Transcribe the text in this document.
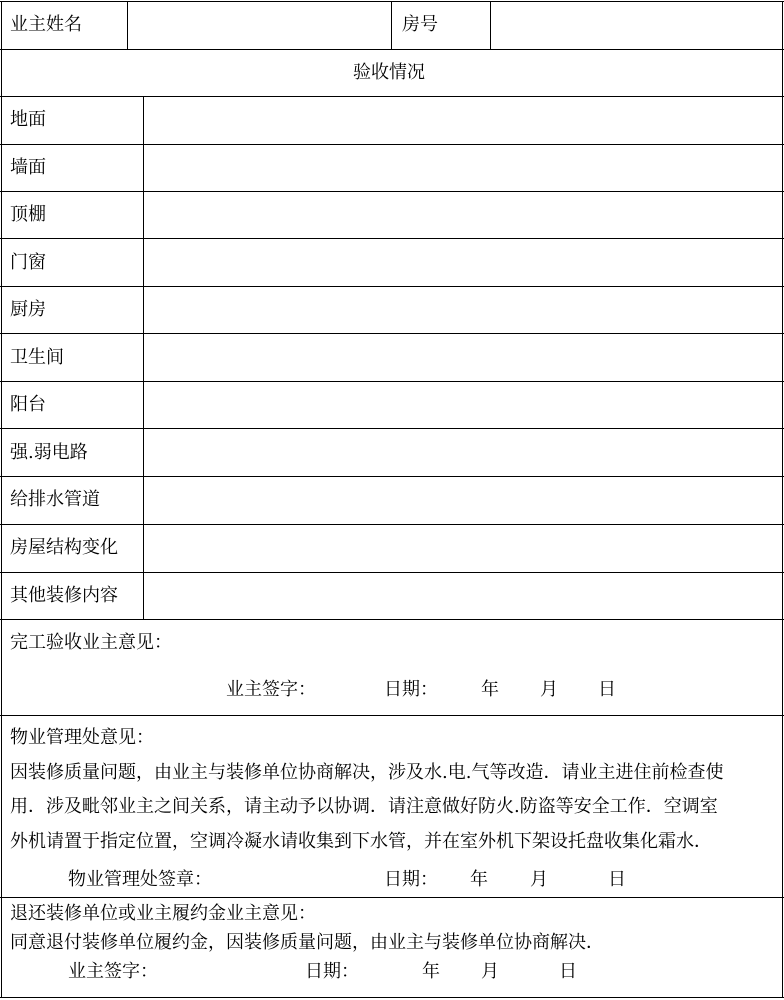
业主姓名	房号
验收情况
地面
墙面
顶棚
门窗
厨房
卫生间
阳台
强.弱电路
给排水管道
房屋结构变化
其他装修内容
完工验收业主意见：
业主签字：	日期： 年 月 日
物业管理处意见：
因装修质量问题，由业主与装修单位协商解决，涉及水.电.气等改造．请业主进住前检查使
用．涉及毗邻业主之间关系，请主动予以协调．请注意做好防火.防盗等安全工作．空调室
外机请置于指定位置，空调冷凝水请收集到下水管，并在室外机下架设托盘收集化霜水．
物业管理处签章：	日期： 年 月	日
退还装修单位或业主履约金业主意见：
同意退付装修单位履约金，因装修质量问题，由业主与装修单位协商解决．
业主签字：	日期：	年 月	日
